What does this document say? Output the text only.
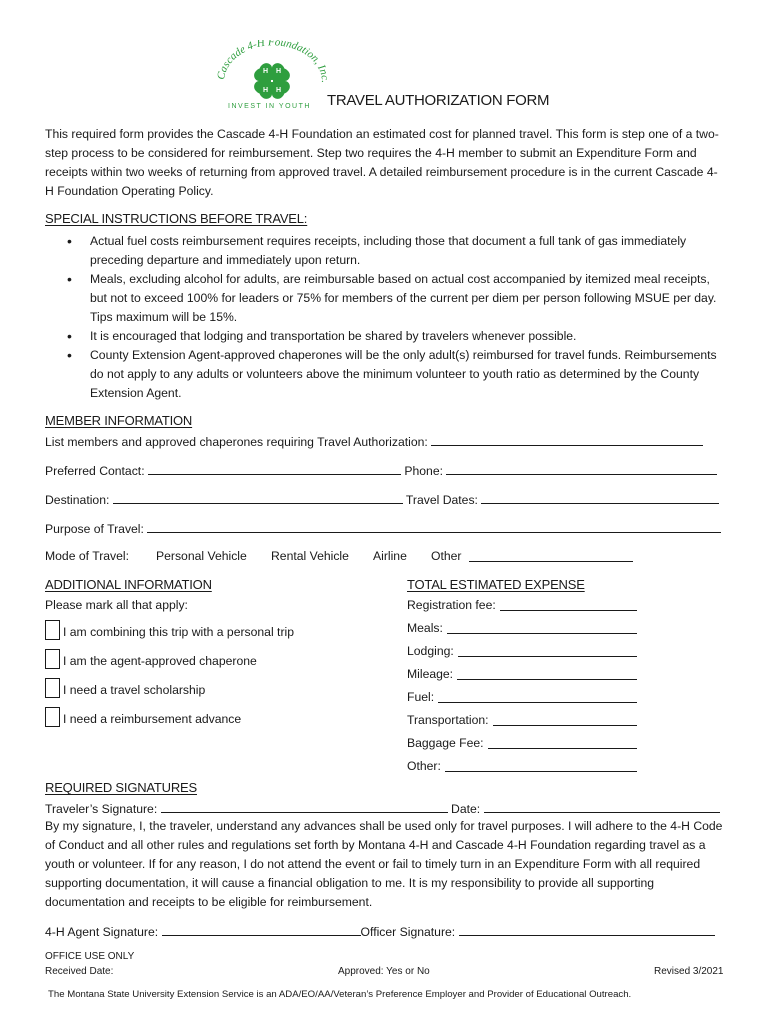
Cascade 4-H Foundation, Inc.
H H
H H
INVEST IN YOUTH TRAVEL AUTHORIZATION FORM
This required form provides the Cascade 4-H Foundation an estimated cost for planned travel. This form is step one of a two-step process to be considered for reimbursement. Step two requires the 4-H member to submit an Expenditure Form and receipts within two weeks of returning from approved travel. A detailed reimbursement procedure is in the current Cascade 4-H Foundation Operating Policy.
SPECIAL INSTRUCTIONS BEFORE TRAVEL:
• Actual fuel costs reimbursement requires receipts, including those that document a full tank of gas immediately preceding departure and immediately upon return.
• Meals, excluding alcohol for adults, are reimbursable based on actual cost accompanied by itemized meal receipts, but not to exceed 100% for leaders or 75% for members of the current per diem per person following MSUE per day. Tips maximum will be 15%.
• It is encouraged that lodging and transportation be shared by travelers whenever possible.
• County Extension Agent-approved chaperones will be the only adult(s) reimbursed for travel funds. Reimbursements do not apply to any adults or volunteers above the minimum volunteer to youth ratio as determined by the County Extension Agent.
MEMBER INFORMATION
List members and approved chaperones requiring Travel Authorization:
Preferred Contact:	Phone:
Destination:	Travel Dates:
Purpose of Travel:
Mode of Travel: Personal Vehicle Rental Vehicle Airline Other
ADDITIONAL INFORMATION
Please mark all that apply:
I am combining this trip with a personal trip
I am the agent-approved chaperone
I need a travel scholarship
I need a reimbursement advance
TOTAL ESTIMATED EXPENSE
Registration fee:
Meals:
Lodging:
Mileage:
Fuel:
Transportation:
Baggage Fee:
Other:
REQUIRED SIGNATURES
Traveler’s Signature:	Date:
By my signature, I, the traveler, understand any advances shall be used only for travel purposes. I will adhere to the 4-H Code of Conduct and all other rules and regulations set forth by Montana 4-H and Cascade 4-H Foundation regarding travel as a youth or volunteer. If for any reason, I do not attend the event or fail to timely turn in an Expenditure Form with all required supporting documentation, it will cause a financial obligation to me. It is my responsibility to provide all supporting documentation and receipts to be eligible for reimbursement.
4-H Agent Signature:	Officer Signature:
OFFICE USE ONLY
Received Date:	Approved: Yes or No	Revised 3/2021
The Montana State University Extension Service is an ADA/EO/AA/Veteran’s Preference Employer and Provider of Educational Outreach.
